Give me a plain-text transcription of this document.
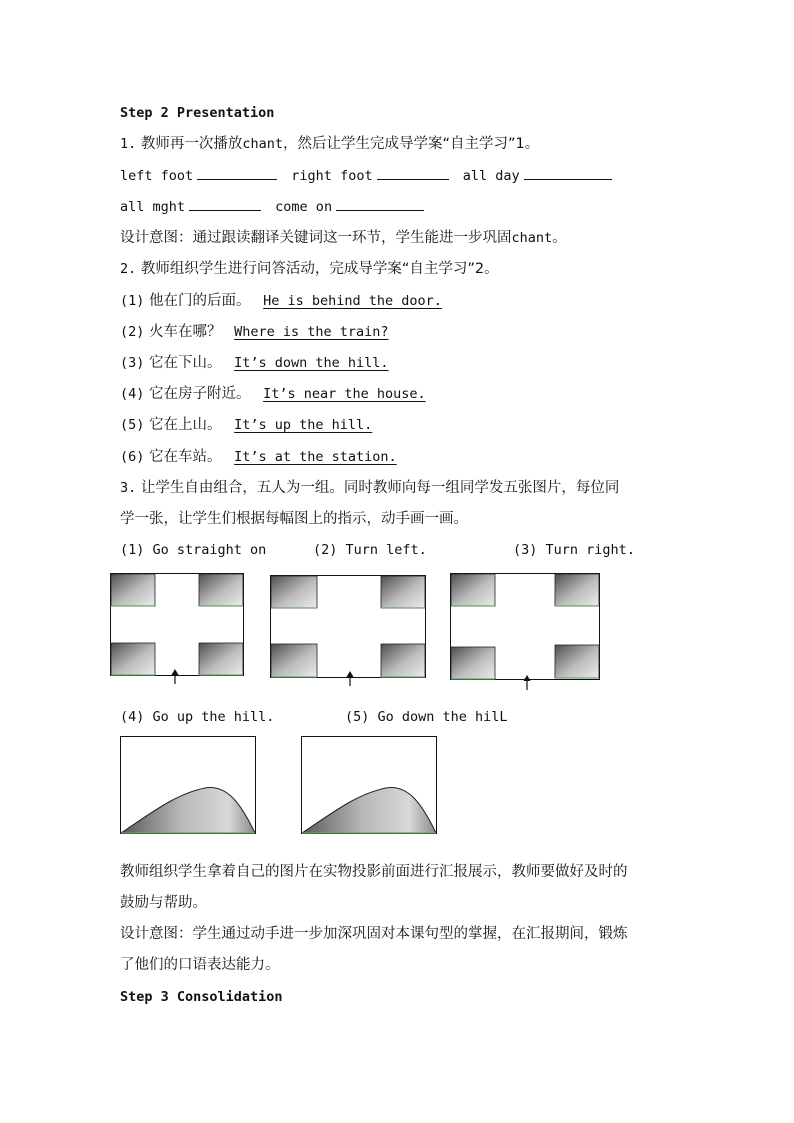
Step 2 Presentation
1. 教师再一次播放chant，然后让学生完成导学案“自主学习”1。
left foot	right foot	all day
all mght	come on
设计意图：通过跟读翻译关键词这一环节，学生能进一步巩固chant。
2. 教师组织学生进行问答活动，完成导学案“自主学习”2。
(1) 他在门的后面。 He is behind the door.
(2) 火车在哪？ Where is the train?
(3) 它在下山。 It’s down the hill.
(4) 它在房子附近。 It’s near the house.
(5) 它在上山。 It’s up the hill.
(6) 它在车站。 It’s at the station.
3. 让学生自由组合，五人为一组。同时教师向每一组同学发五张图片，每位同
学一张，让学生们根据每幅图上的指示，动手画一画。
(1) Go straight on	(2) Turn left.	(3) Turn right.
(4) Go up the hill.	(5) Go down the hilL
教师组织学生拿着自己的图片在实物投影前面进行汇报展示，教师要做好及时的
鼓励与帮助。
设计意图：学生通过动手进一步加深巩固对本课句型的掌握，在汇报期间，锻炼
了他们的口语表达能力。
Step 3 Consolidation
